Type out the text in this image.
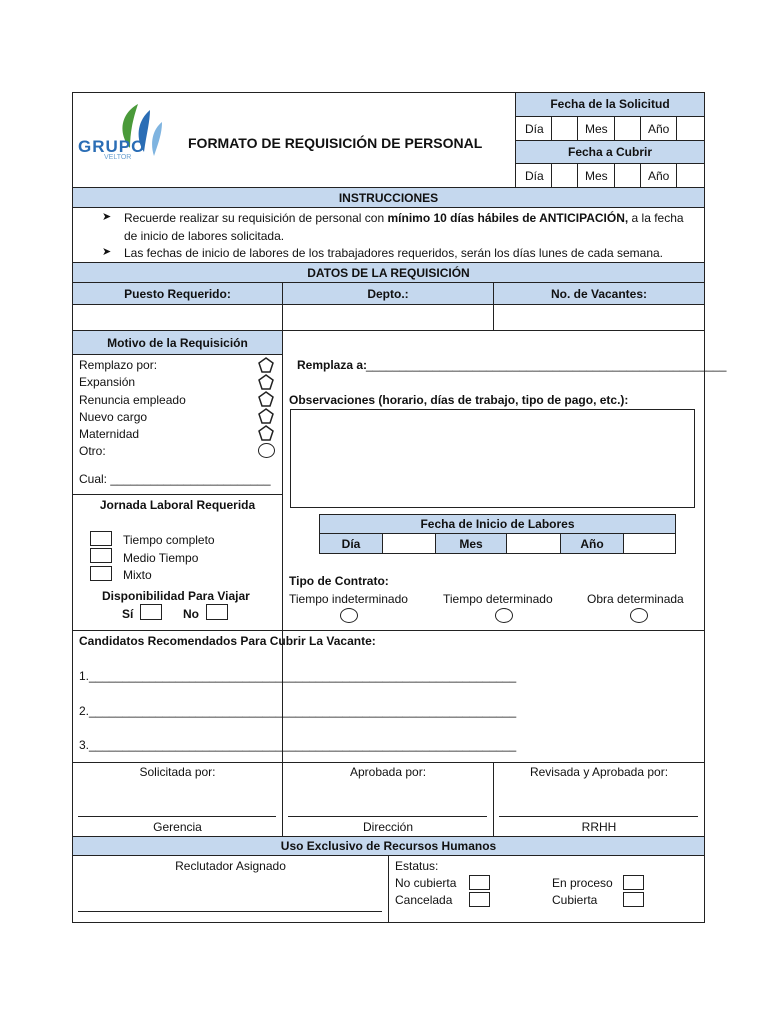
GRUPO
VELTOR
FORMATO DE REQUISICIÓN DE PERSONAL
Fecha de la Solicitud
Fecha a Cubrir
Día	Mes	Año
Día	Mes	Año
INSTRUCCIONES
➤ Recuerde realizar su requisición de personal con mínimo 10 días hábiles de ANTICIPACIÓN, a la fecha
de inicio de labores solicitada.
➤ Las fechas de inicio de labores de los trabajadores requeridos, serán los días lunes de cada semana.
DATOS DE LA REQUISICIÓN
Puesto Requerido:	Depto.:	No. de Vacantes:
Motivo de la Requisición
Remplazo por:
Expansión
Renuncia empleado
Nuevo cargo
Maternidad
Otro:
Cual: ________________________
Remplaza a:
______________________________________________________
Observaciones (horario, días de trabajo, tipo de pago, etc.):
Jornada Laboral Requerida
Tiempo completo
Medio Tiempo
Mixto
Disponibilidad Para Viajar
Sí	No
Fecha de Inicio de Labores
Día	Mes	Año
Tipo de Contrato:
Tiempo indeterminado	Tiempo determinado	Obra determinada
Candidatos Recomendados Para Cubrir La Vacante:
1.________________________________________________________________
2.________________________________________________________________
3.________________________________________________________________
Solicitada por:	Aprobada por:	Revisada y Aprobada por:
Gerencia	Dirección	RRHH
Uso Exclusivo de Recursos Humanos
Reclutador Asignado	Estatus:
No cubierta
Cancelada
En proceso
Cubierta
